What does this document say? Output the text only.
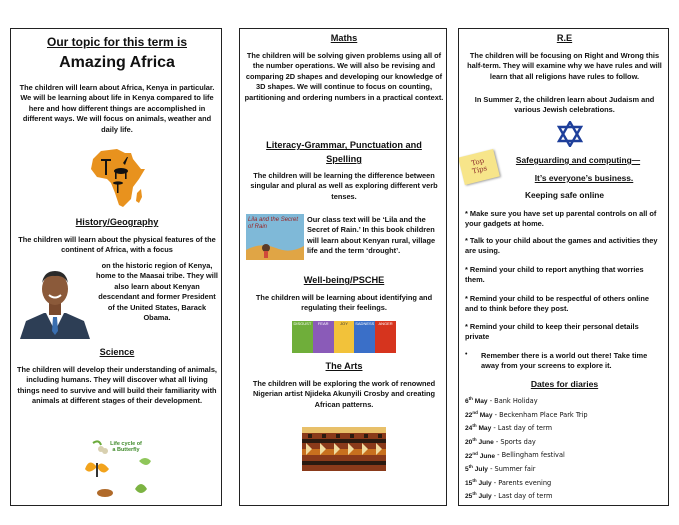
Our topic for this term is
Amazing Africa
The children will learn about Africa, Kenya in particular. We will be learning about life in Kenya compared to life here and how different things are accomplished in different ways. We will focus on animals, weather and daily life.
History/Geography
The children will learn about the physical features of the continent of Africa, with a focus
on the historic region of Kenya, home to the Maasai tribe. They will also learn about Kenyan descendant and former President of the United States, Barack Obama.
Science
The children will develop their understanding of animals, including humans. They will discover what all living things need to survive and will build their familiarity with animals at different stages of their development.
Life cycle of a Butterfly
Maths
The children will be solving given problems using all of the number operations. We will also be revising and comparing 2D shapes and developing our knowledge of 3D shapes. We will continue to focus on counting, partitioning and ordering numbers in a practical context.
Literacy-Grammar, Punctuation and
Spelling
The children will be learning the difference between singular and plural as well as exploring different verb tenses.
Lila and the Secret of Rain
Our class text will be ‘Lila and the Secret of Rain.’ In this book children will learn about Kenyan rural, village life and the term ‘drought’.
Well-being/PSCHE
The children will be learning about identifying and regulating their feelings.
DISGUST	FEAR	JOY	SADNESS	ANGER
The Arts
The children will be exploring the work of renowned Nigerian artist Njideka Akunyili Crosby and creating African patterns.
R.E
The children will be focusing on Right and Wrong this half-term. They will examine why we have rules and will learn that all religions have rules to follow.
In Summer 2, the children learn about Judaism and various Jewish celebrations.
Top Tips
Safeguarding and computing—
It’s everyone’s business.
Keeping safe online
* Make sure you have set up parental controls on all of your gadgets at home.
* Talk to your child about the games and activities they are using.
* Remind your child to report anything that worries them.
* Remind your child to be respectful of others online and to think before they post.
* Remind your child to keep their personal details private
• Remember there is a world out there! Take time away from your screens to explore it.
Dates for diaries
6th May - Bank Holiday
22nd May - Beckenham Place Park Trip
24th May - Last day of term
20th June - Sports day
22nd June - Bellingham festival
5th July - Summer fair
15th July - Parents evening
25th July - Last day of term
